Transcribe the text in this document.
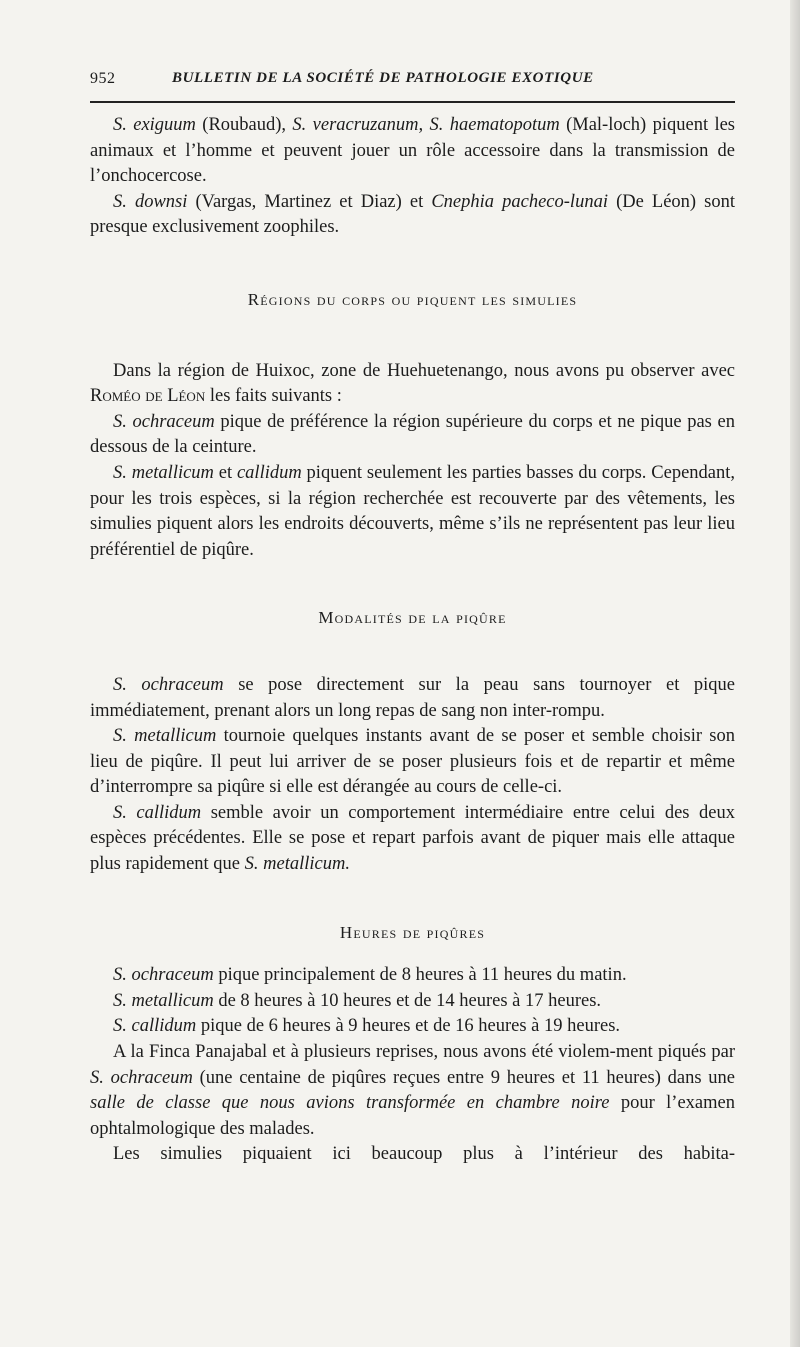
952	BULLETIN DE LA SOCIÉTÉ DE PATHOLOGIE EXOTIQUE

S. exiguum (Roubaud), S. veracruzanum, S. haematopotum (Mal-loch) piquent les animaux et l’homme et peuvent jouer un rôle accessoire dans la transmission de l’onchocercose.

S. downsi (Vargas, Martinez et Diaz) et Cnephia pacheco-lunai (De Léon) sont presque exclusivement zoophiles.

Régions du corps ou piquent les simulies

Dans la région de Huixoc, zone de Huehuetenango, nous avons pu observer avec Roméo de Léon les faits suivants :

S. ochraceum pique de préférence la région supérieure du corps et ne pique pas en dessous de la ceinture.

S. metallicum et callidum piquent seulement les parties basses du corps. Cependant, pour les trois espèces, si la région recherchée est recouverte par des vêtements, les simulies piquent alors les endroits découverts, même s’ils ne représentent pas leur lieu préférentiel de piqûre.

Modalités de la piqûre

S. ochraceum se pose directement sur la peau sans tournoyer et pique immédiatement, prenant alors un long repas de sang non inter-rompu.

S. metallicum tournoie quelques instants avant de se poser et semble choisir son lieu de piqûre. Il peut lui arriver de se poser plusieurs fois et de repartir et même d’interrompre sa piqûre si elle est dérangée au cours de celle-ci.

S. callidum semble avoir un comportement intermédiaire entre celui des deux espèces précédentes. Elle se pose et repart parfois avant de piquer mais elle attaque plus rapidement que S. metallicum.

Heures de piqûres

S. ochraceum pique principalement de 8 heures à 11 heures du matin.

S. metallicum de 8 heures à 10 heures et de 14 heures à 17 heures.

S. callidum pique de 6 heures à 9 heures et de 16 heures à 19 heures.

A la Finca Panajabal et à plusieurs reprises, nous avons été violem-ment piqués par S. ochraceum (une centaine de piqûres reçues entre 9 heures et 11 heures) dans une salle de classe que nous avions transformée en chambre noire pour l’examen ophtalmologique des malades.

Les simulies piquaient ici beaucoup plus à l’intérieur des habita-
